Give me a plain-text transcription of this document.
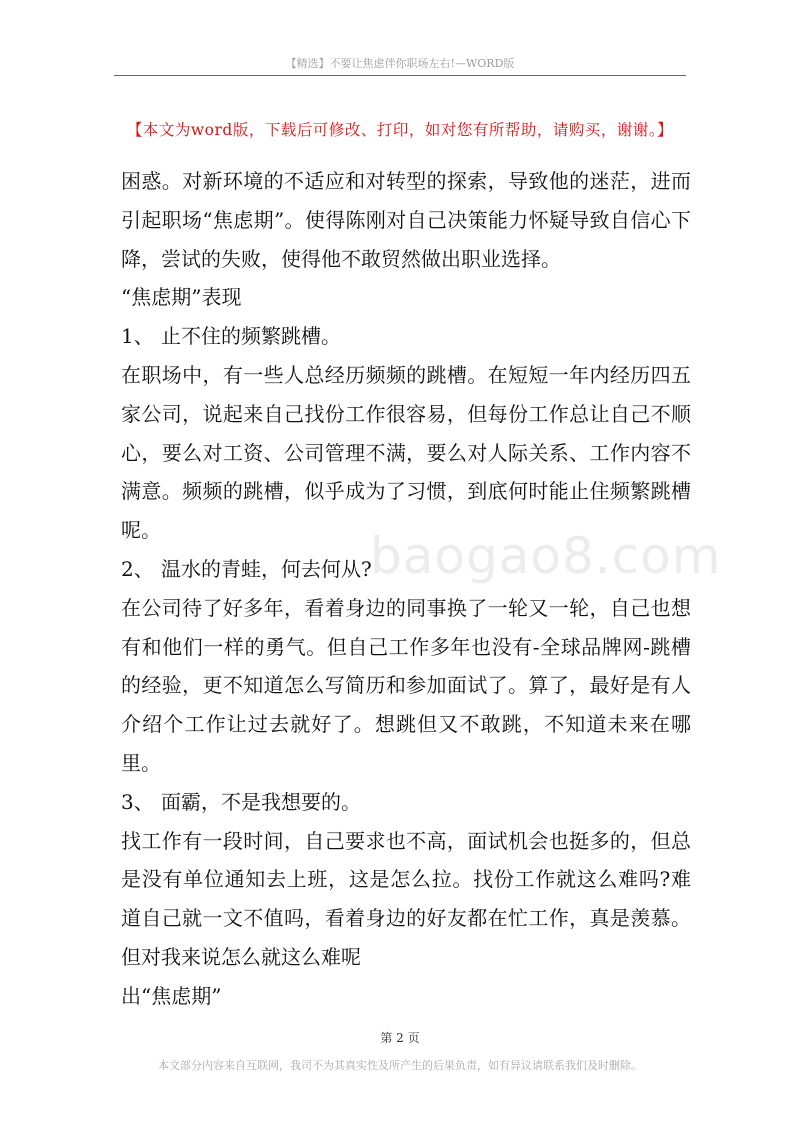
【精选】不要让焦虑伴你职场左右!—WORD版
【本文为word版，下载后可修改、打印，如对您有所帮助，请购买，谢谢。】
baogao8.com

困惑。对新环境的不适应和对转型的探索，导致他的迷茫，进而引起职场“焦虑期”。使得陈刚对自己决策能力怀疑导致自信心下降，尝试的失败，使得他不敢贸然做出职业选择。

“焦虑期”表现

1、 止不住的频繁跳槽。

在职场中，有一些人总经历频频的跳槽。在短短一年内经历四五家公司，说起来自己找份工作很容易，但每份工作总让自己不顺心，要么对工资、公司管理不满，要么对人际关系、工作内容不满意。频频的跳槽，似乎成为了习惯，到底何时能止住频繁跳槽呢。

2、 温水的青蛙，何去何从?

在公司待了好多年，看着身边的同事换了一轮又一轮，自己也想有和他们一样的勇气。但自己工作多年也没有-全球品牌网-跳槽的经验，更不知道怎么写简历和参加面试了。算了，最好是有人介绍个工作让过去就好了。想跳但又不敢跳，不知道未来在哪里。

3、 面霸，不是我想要的。

找工作有一段时间，自己要求也不高，面试机会也挺多的，但总是没有单位通知去上班，这是怎么拉。找份工作就这么难吗?难道自己就一文不值吗，看着身边的好友都在忙工作，真是羡慕。但对我来说怎么就这么难呢

出“焦虑期”

第 2 页
本文部分内容来自互联网，我司不为其真实性及所产生的后果负责，如有异议请联系我们及时删除。
